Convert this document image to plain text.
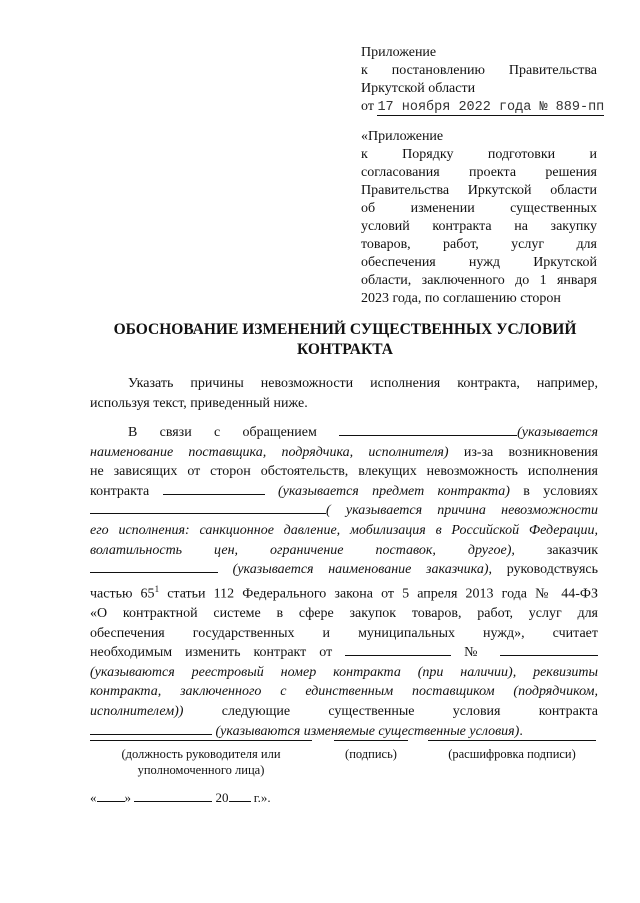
Приложение
к постановлению Правительства
Иркутской области
от 17 ноября 2022 года № 889-пп
«Приложение
к Порядку подготовки и
согласования проекта решения
Правительства Иркутской области
об изменении существенных
условий контракта на закупку
товаров, работ, услуг для
обеспечения нужд Иркутской
области, заключенного до 1 января
2023 года, по соглашению сторон
ОБОСНОВАНИЕ ИЗМЕНЕНИЙ СУЩЕСТВЕННЫХ УСЛОВИЙ
КОНТРАКТА
Указать причины невозможности исполнения контракта, например,
используя текст, приведенный ниже.
В связи с обращением	(указывается
наименование поставщика, подрядчика, исполнителя) из-за возникновения
не зависящих от сторон обстоятельств, влекущих невозможность исполнения
контракта	(указывается предмет контракта) в условиях
( указывается причина невозможности
его исполнения: санкционное давление, мобилизация в Российской Федерации,
волатильность цен, ограничение поставок, другое), заказчик
(указывается наименование заказчика), руководствуясь
частью $65^1$ статьи 112 Федерального закона от 5 апреля 2013 года № 44-ФЗ
«О контрактной системе в сфере закупок товаров, работ, услуг для
обеспечения государственных и муниципальных нужд», считает
необходимым изменить контракт от	№
(указываются реестровый номер контракта (при наличии), реквизиты
контракта, заключенного с единственным поставщиком (подрядчиком,
исполнителем)) следующие существенные условия контракта
(указываются изменяемые существенные условия).
(должность руководителя или
уполномоченного лица)
(подпись)	(расшифровка подписи)
« »	20 г.».
